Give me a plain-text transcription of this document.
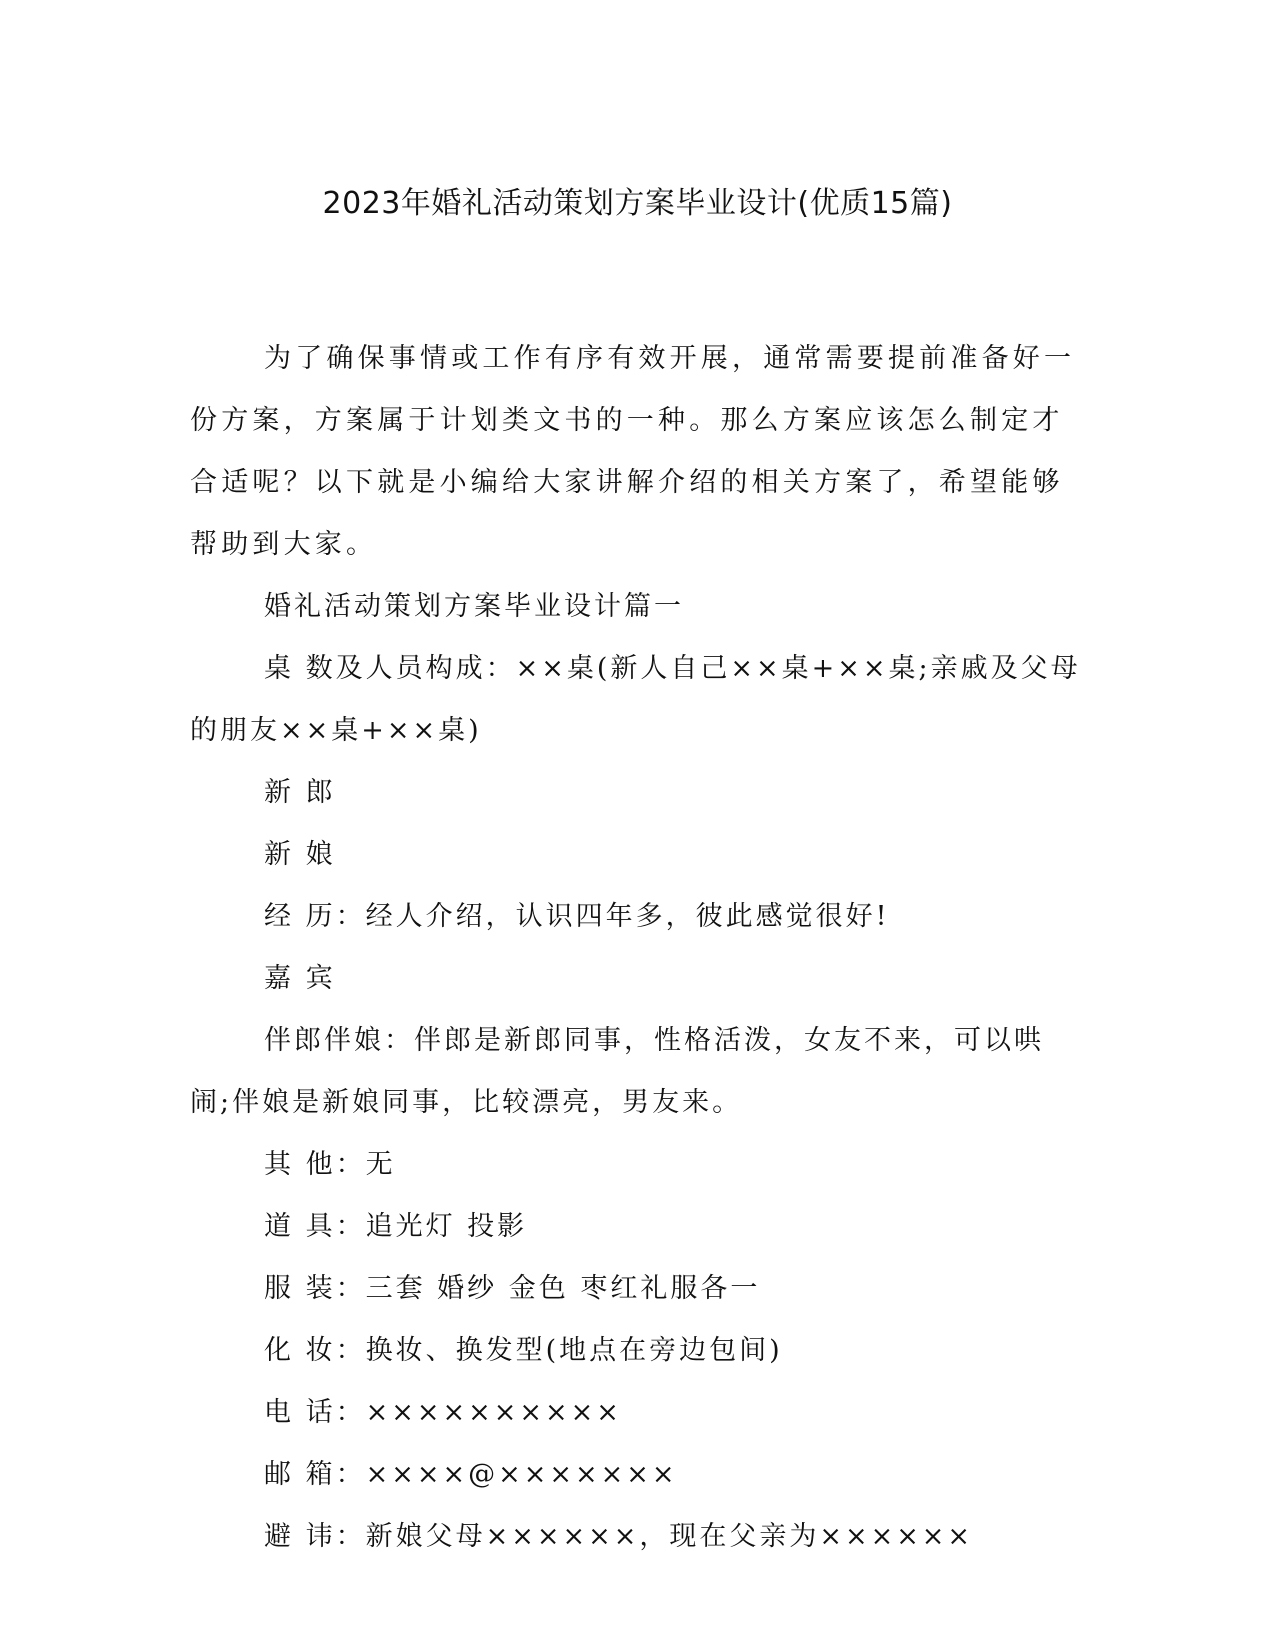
2023年婚礼活动策划方案毕业设计(优质15篇)

为了确保事情或工作有序有效开展，通常需要提前准备好一份方案，方案属于计划类文书的一种。那么方案应该怎么制定才合适呢？以下就是小编给大家讲解介绍的相关方案了，希望能够帮助到大家。

婚礼活动策划方案毕业设计篇一

桌 数及人员构成：××桌(新人自己××桌+××桌;亲戚及父母的朋友××桌+××桌)

新 郎

新 娘

经 历：经人介绍，认识四年多，彼此感觉很好!

嘉 宾

伴郎伴娘：伴郎是新郎同事，性格活泼，女友不来，可以哄闹;伴娘是新娘同事，比较漂亮，男友来。

其 他：无

道 具：追光灯 投影

服 装：三套 婚纱 金色 枣红礼服各一

化 妆：换妆、换发型(地点在旁边包间)

电 话：××××××××××

邮 箱：××××@×××××××

避 讳：新娘父母××××××，现在父亲为××××××
